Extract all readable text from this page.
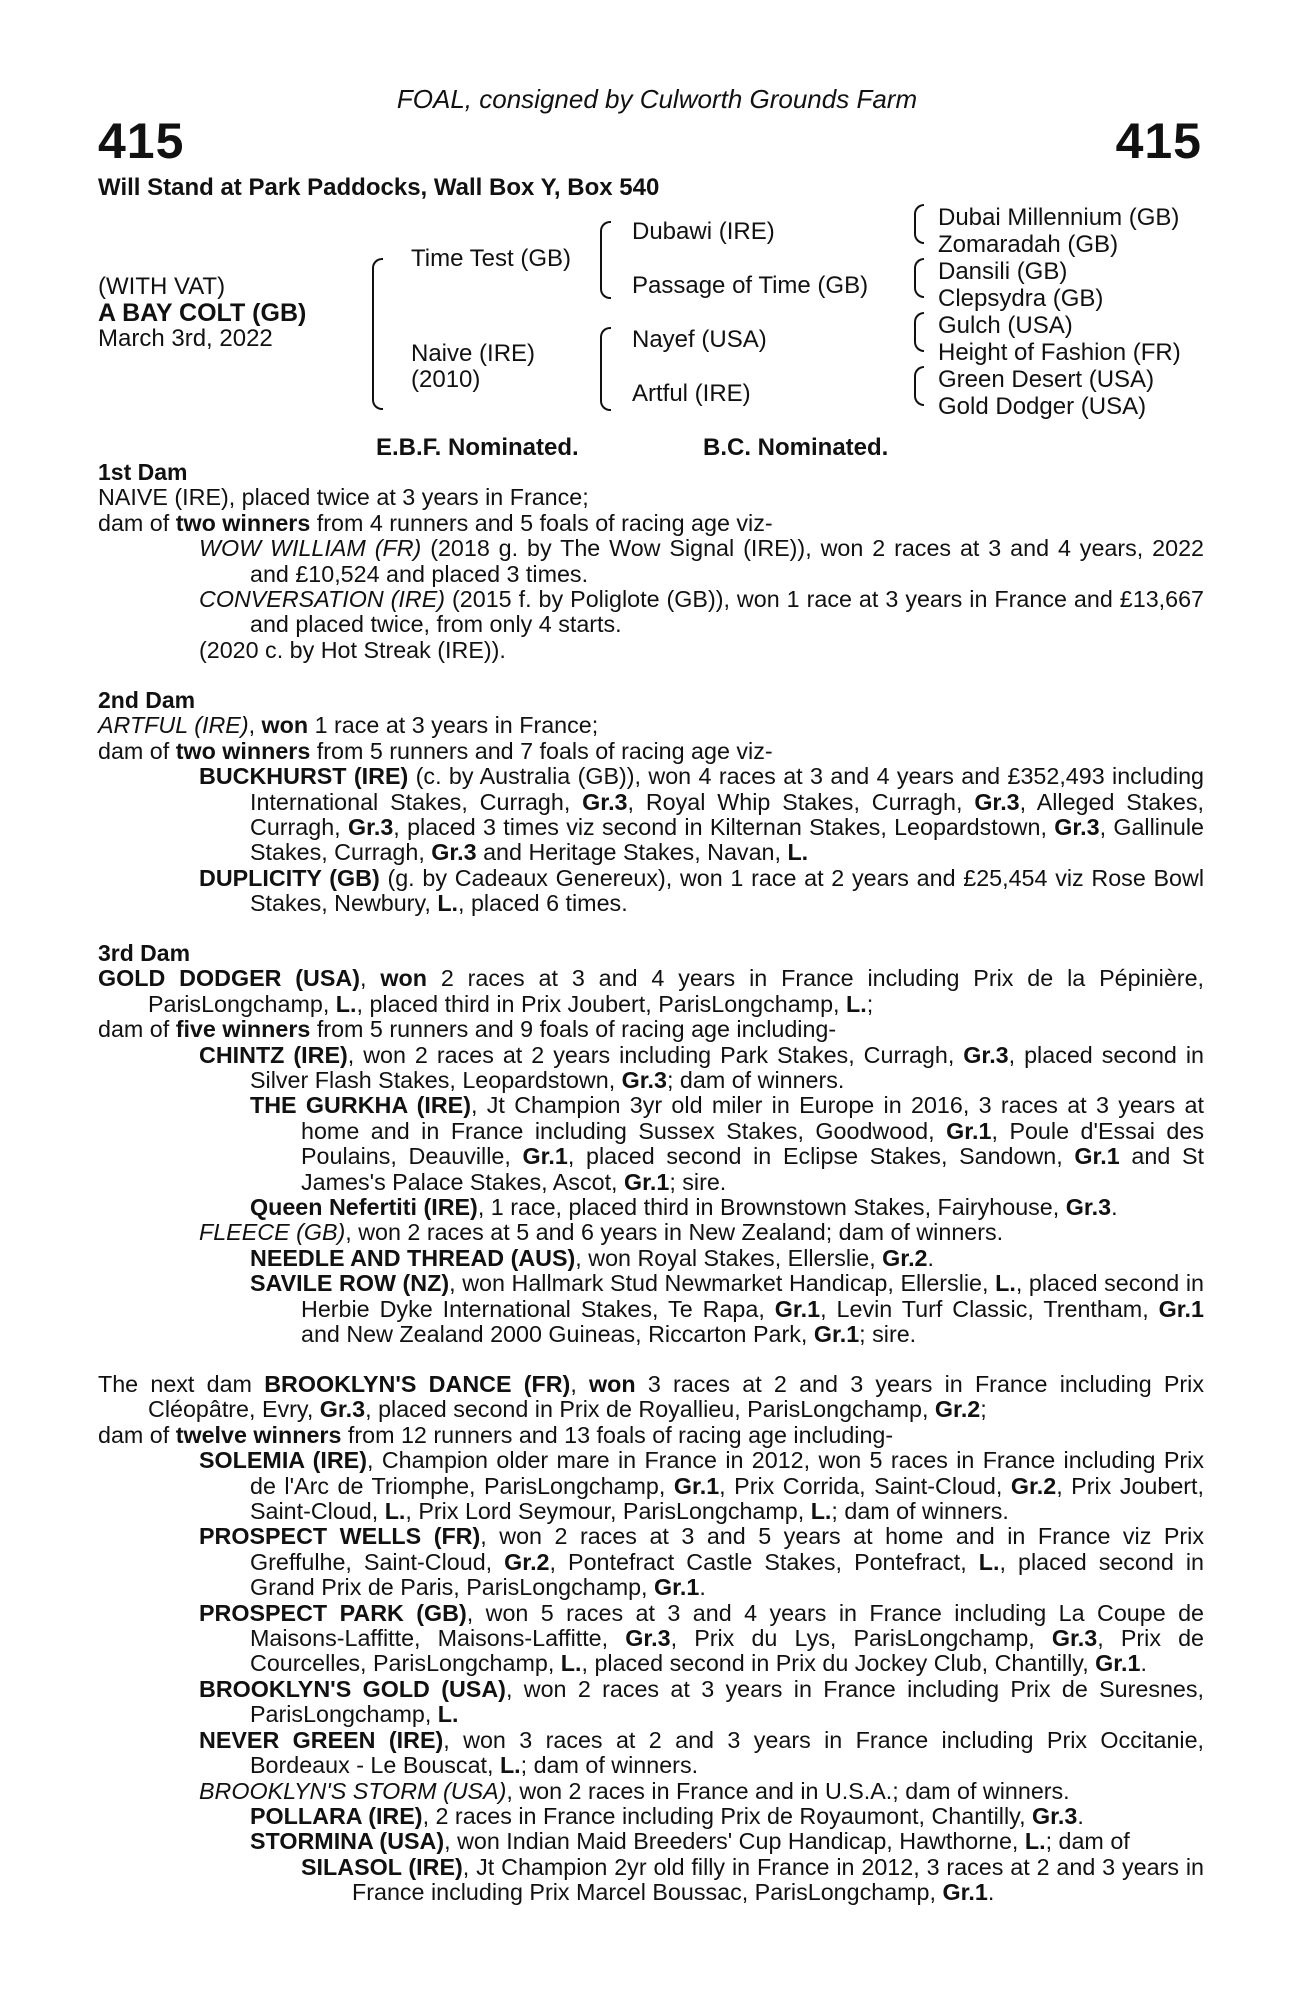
FOAL, consigned by Culworth Grounds Farm
415	415
Will Stand at Park Paddocks, Wall Box Y, Box 540
(WITH VAT)
A BAY COLT (GB)
March 3rd, 2022
Time Test (GB)
Naive (IRE)
(2010)
Dubawi (IRE)
Passage of Time (GB)
Nayef (USA)
Artful (IRE)
Dubai Millennium (GB)
Zomaradah (GB)
Dansili (GB)
Clepsydra (GB)
Gulch (USA)
Height of Fashion (FR)
Green Desert (USA)
Gold Dodger (USA)
E.B.F. Nominated.	B.C. Nominated.

1st Dam

NAIVE (IRE), placed twice at 3 years in France;

dam of two winners from 4 runners and 5 foals of racing age viz-

WOW WILLIAM (FR) (2018 g. by The Wow Signal (IRE)), won 2 races at 3 and 4 years, 2022 and £10,524 and placed 3 times.

CONVERSATION (IRE) (2015 f. by Poliglote (GB)), won 1 race at 3 years in France and £13,667 and placed twice, from only 4 starts.

(2020 c. by Hot Streak (IRE)).

2nd Dam

ARTFUL (IRE), won 1 race at 3 years in France;

dam of two winners from 5 runners and 7 foals of racing age viz-

BUCKHURST (IRE) (c. by Australia (GB)), won 4 races at 3 and 4 years and £352,493 including International Stakes, Curragh, Gr.3, Royal Whip Stakes, Curragh, Gr.3, Alleged Stakes, Curragh, Gr.3, placed 3 times viz second in Kilternan Stakes, Leopardstown, Gr.3, Gallinule Stakes, Curragh, Gr.3 and Heritage Stakes, Navan, L.

DUPLICITY (GB) (g. by Cadeaux Genereux), won 1 race at 2 years and £25,454 viz Rose Bowl Stakes, Newbury, L., placed 6 times.

3rd Dam

GOLD DODGER (USA), won 2 races at 3 and 4 years in France including Prix de la Pépinière, ParisLongchamp, L., placed third in Prix Joubert, ParisLongchamp, L.;

dam of five winners from 5 runners and 9 foals of racing age including-

CHINTZ (IRE), won 2 races at 2 years including Park Stakes, Curragh, Gr.3, placed second in Silver Flash Stakes, Leopardstown, Gr.3; dam of winners.

THE GURKHA (IRE), Jt Champion 3yr old miler in Europe in 2016, 3 races at 3 years at home and in France including Sussex Stakes, Goodwood, Gr.1, Poule d'Essai des Poulains, Deauville, Gr.1, placed second in Eclipse Stakes, Sandown, Gr.1 and St James's Palace Stakes, Ascot, Gr.1; sire.

Queen Nefertiti (IRE), 1 race, placed third in Brownstown Stakes, Fairyhouse, Gr.3.

FLEECE (GB), won 2 races at 5 and 6 years in New Zealand; dam of winners.

NEEDLE AND THREAD (AUS), won Royal Stakes, Ellerslie, Gr.2.

SAVILE ROW (NZ), won Hallmark Stud Newmarket Handicap, Ellerslie, L., placed second in Herbie Dyke International Stakes, Te Rapa, Gr.1, Levin Turf Classic, Trentham, Gr.1 and New Zealand 2000 Guineas, Riccarton Park, Gr.1; sire.

The next dam BROOKLYN'S DANCE (FR), won 3 races at 2 and 3 years in France including Prix Cléopâtre, Evry, Gr.3, placed second in Prix de Royallieu, ParisLongchamp, Gr.2;

dam of twelve winners from 12 runners and 13 foals of racing age including-

SOLEMIA (IRE), Champion older mare in France in 2012, won 5 races in France including Prix de l'Arc de Triomphe, ParisLongchamp, Gr.1, Prix Corrida, Saint-Cloud, Gr.2, Prix Joubert, Saint-Cloud, L., Prix Lord Seymour, ParisLongchamp, L.; dam of winners.

PROSPECT WELLS (FR), won 2 races at 3 and 5 years at home and in France viz Prix Greffulhe, Saint-Cloud, Gr.2, Pontefract Castle Stakes, Pontefract, L., placed second in Grand Prix de Paris, ParisLongchamp, Gr.1.

PROSPECT PARK (GB), won 5 races at 3 and 4 years in France including La Coupe de Maisons-Laffitte, Maisons-Laffitte, Gr.3, Prix du Lys, ParisLongchamp, Gr.3, Prix de Courcelles, ParisLongchamp, L., placed second in Prix du Jockey Club, Chantilly, Gr.1.

BROOKLYN'S GOLD (USA), won 2 races at 3 years in France including Prix de Suresnes, ParisLongchamp, L.

NEVER GREEN (IRE), won 3 races at 2 and 3 years in France including Prix Occitanie, Bordeaux - Le Bouscat, L.; dam of winners.

BROOKLYN'S STORM (USA), won 2 races in France and in U.S.A.; dam of winners.

POLLARA (IRE), 2 races in France including Prix de Royaumont, Chantilly, Gr.3.

STORMINA (USA), won Indian Maid Breeders' Cup Handicap, Hawthorne, L.; dam of

SILASOL (IRE), Jt Champion 2yr old filly in France in 2012, 3 races at 2 and 3 years in France including Prix Marcel Boussac, ParisLongchamp, Gr.1.
